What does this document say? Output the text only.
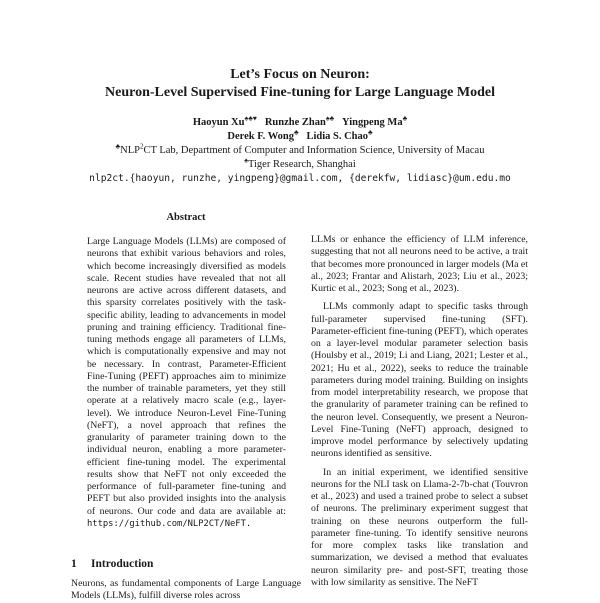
Let’s Focus on Neuron:
Neuron-Level Supervised Fine-tuning for Large Language Model
Haoyun Xu♠♣♥ Runzhe Zhan♠♣ Yingpeng Ma♣
Derek F. Wong♣ Lidia S. Chao♣
♣NLP$^2$CT Lab, Department of Computer and Information Science, University of Macau
♠Tiger Research, Shanghai
nlp2ct.{haoyun, runzhe, yingpeng}@gmail.com, {derekfw, lidiasc}@um.edu.mo
Abstract
Large Language Models (LLMs) are composed of neurons that exhibit various behaviors and roles, which become increasingly diversified as models scale. Recent studies have revealed that not all neurons are active across different datasets, and this sparsity correlates positively with the task-specific ability, leading to advancements in model pruning and training efficiency. Traditional fine-tuning methods engage all parameters of LLMs, which is computationally expensive and may not be necessary. In contrast, Parameter-Efficient Fine-Tuning (PEFT) approaches aim to minimize the number of trainable parameters, yet they still operate at a relatively macro scale (e.g., layer-level). We introduce Neuron-Level Fine-Tuning (NeFT), a novel approach that refines the granularity of parameter training down to the individual neuron, enabling a more parameter-efficient fine-tuning model. The experimental results show that NeFT not only exceeded the performance of full-parameter fine-tuning and PEFT but also provided insights into the analysis of neurons. Our code and data are available at: https://github.com/NLP2CT/NeFT.
1 Introduction
Neurons, as fundamental components of Large Language Models (LLMs), fulfill diverse roles across
LLMs or enhance the efficiency of LLM inference, suggesting that not all neurons need to be active, a trait that becomes more pronounced in larger models (Ma et al., 2023; Frantar and Alistarh, 2023; Liu et al., 2023; Kurtic et al., 2023; Song et al., 2023).
LLMs commonly adapt to specific tasks through full-parameter supervised fine-tuning (SFT). Parameter-efficient fine-tuning (PEFT), which operates on a layer-level modular parameter selection basis (Houlsby et al., 2019; Li and Liang, 2021; Lester et al., 2021; Hu et al., 2022), seeks to reduce the trainable parameters during model training. Building on insights from model interpretability research, we propose that the granularity of parameter training can be refined to the neuron level. Consequently, we present a Neuron-Level Fine-Tuning (NeFT) approach, designed to improve model performance by selectively updating neurons identified as sensitive.
In an initial experiment, we identified sensitive neurons for the NLI task on Llama-2-7b-chat (Touvron et al., 2023) and used a trained probe to select a subset of neurons. The preliminary experiment suggest that training on these neurons outperform the full-parameter fine-tuning. To identify sensitive neurons for more complex tasks like translation and summarization, we devised a method that evaluates neuron similarity pre- and post-SFT, treating those with low similarity as sensitive. The NeFT
